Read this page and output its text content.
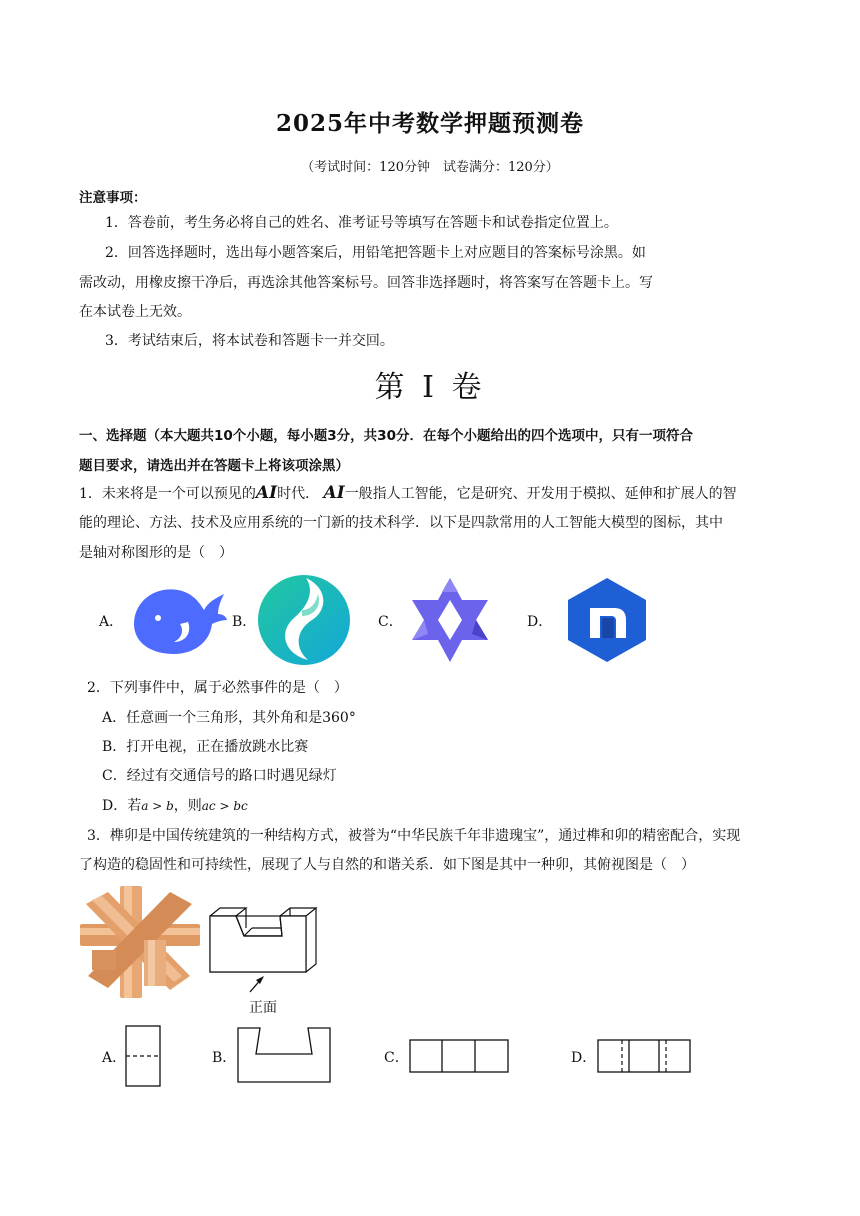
2025年中考数学押题预测卷
（考试时间：120分钟　试卷满分：120分）
注意事项：
1．答卷前，考生务必将自己的姓名、准考证号等填写在答题卡和试卷指定位置上。
2．回答选择题时，选出每小题答案后，用铅笔把答题卡上对应题目的答案标号涂黑。如
需改动，用橡皮擦干净后，再选涂其他答案标号。回答非选择题时，将答案写在答题卡上。写
在本试卷上无效。
3．考试结束后，将本试卷和答题卡一并交回。
第 I 卷
一、选择题（本大题共10个小题，每小题3分，共30分．在每个小题给出的四个选项中，只有一项符合
题目要求，请选出并在答题卡上将该项涂黑）
1．未来将是一个可以预见的AI时代． AI一般指人工智能，它是研究、开发用于模拟、延伸和扩展人的智
能的理论、方法、技术及应用系统的一门新的技术科学．以下是四款常用的人工智能大模型的图标，其中
是轴对称图形的是（　）
A．	B．	C．	D．
2．下列事件中，属于必然事件的是（　）
A．任意画一个三角形，其外角和是360°
B．打开电视，正在播放跳水比赛
C．经过有交通信号的路口时遇见绿灯
D．若a > b，则ac > bc
3．榫卯是中国传统建筑的一种结构方式，被誉为“中华民族千年非遗瑰宝”，通过榫和卯的精密配合，实现
了构造的稳固性和可持续性，展现了人与自然的和谐关系．如下图是其中一种卯，其俯视图是（　）
正面
A．	B．	C．	D．
